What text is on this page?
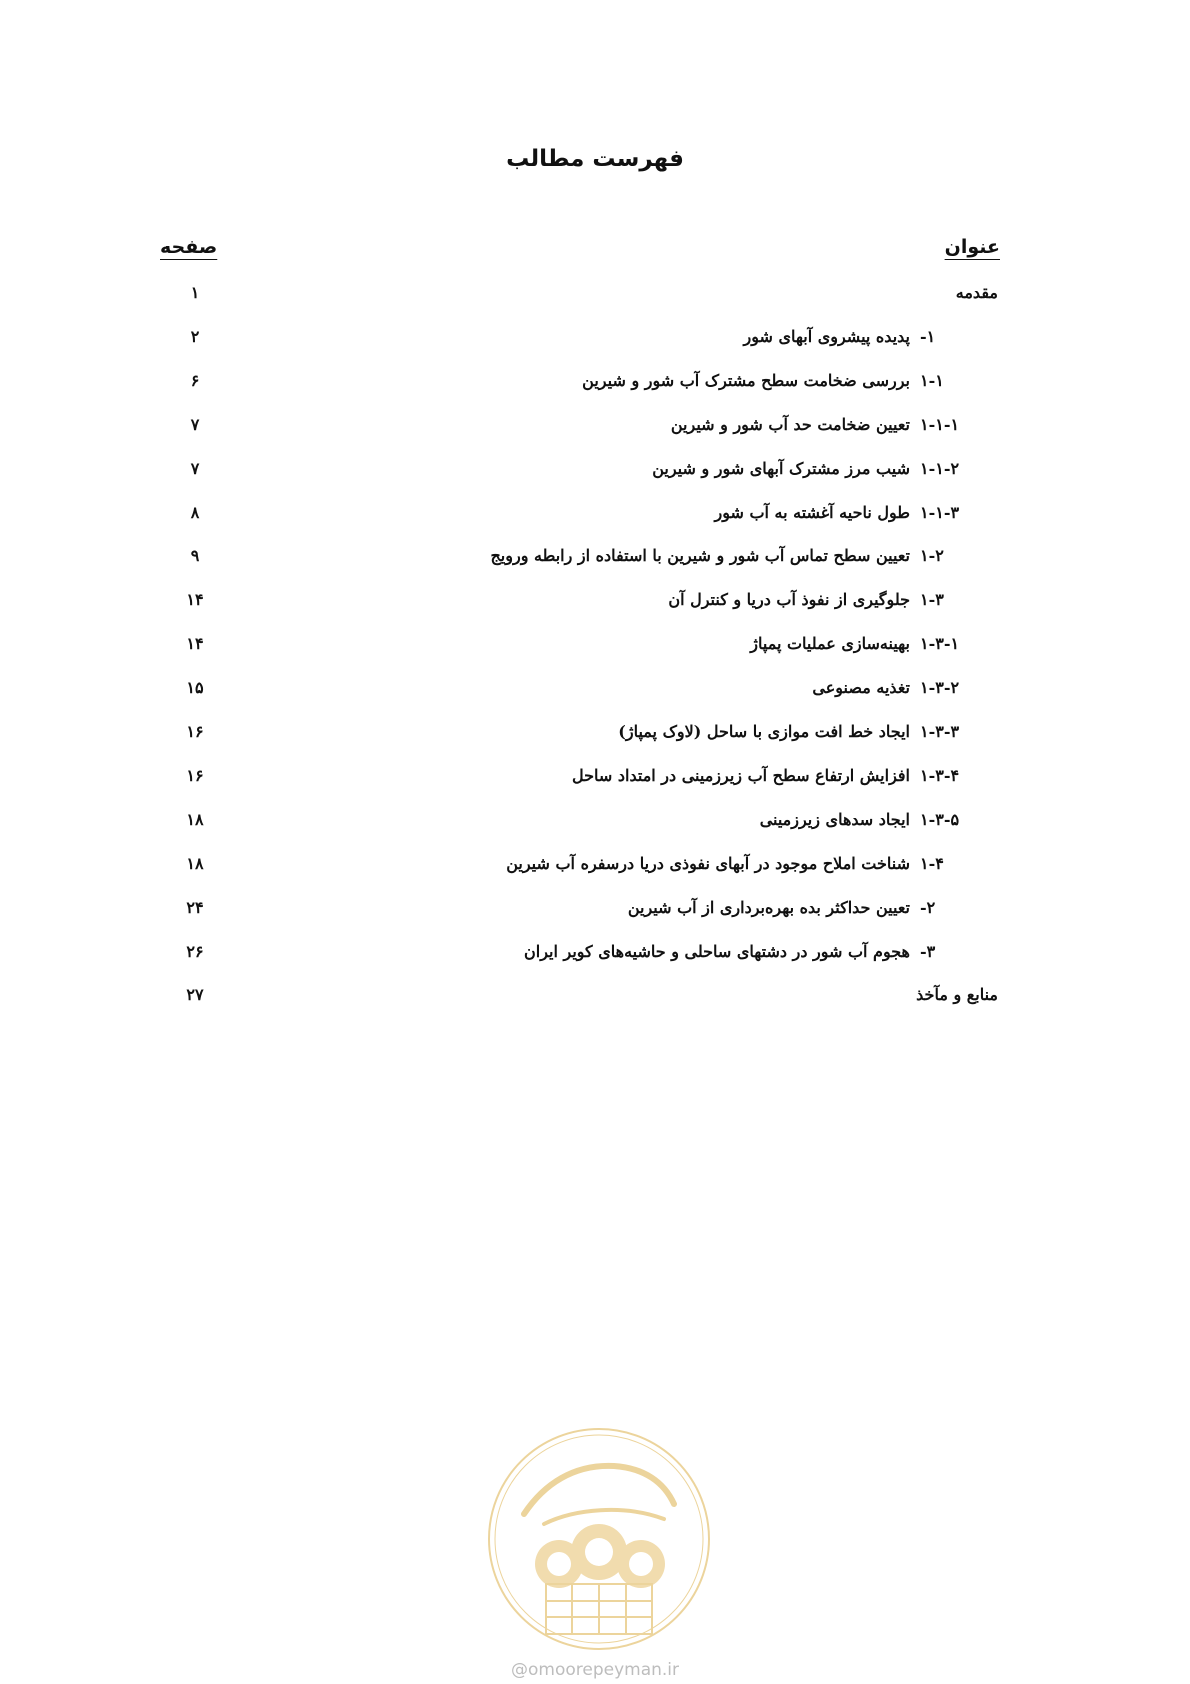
فهرست مطالب
عنوان
صفحه
مقدمه
۱
۱-
پدیده پیشروی آبهای شور
۲
۱-۱
بررسی ضخامت سطح مشترک آب شور و شیرین
۶
۱-۱-۱
تعیین ضخامت حد آب شور و شیرین
۷
۱-۱-۲
شیب مرز مشترک آبهای شور و شیرین
۷
۱-۱-۳
طول ناحیه آغشته به آب شور
۸
۱-۲
تعیین سطح تماس آب شور و شیرین با استفاده از رابطه ورویج
۹
۱-۳
جلوگیری از نفوذ آب دریا و کنترل آن
۱۴
۱-۳-۱
بهینه‌سازی عملیات پمپاژ
۱۴
۱-۳-۲
تغذیه مصنوعی
۱۵
۱-۳-۳
ایجاد خط افت موازی با ساحل (لاوک پمپاژ)
۱۶
۱-۳-۴
افزایش ارتفاع سطح آب زیرزمینی در امتداد ساحل
۱۶
۱-۳-۵
ایجاد سدهای زیرزمینی
۱۸
۱-۴
شناخت املاح موجود در آبهای نفوذی دریا درسفره آب شیرین
۱۸
۲-
تعیین حداکثر بده بهره‌برداری از آب شیرین
۲۴
۳-
هجوم آب شور در دشتهای ساحلی و حاشیه‌های کویر ایران
۲۶
منابع و مآخذ
۲۷
@omoorepeyman.ir
